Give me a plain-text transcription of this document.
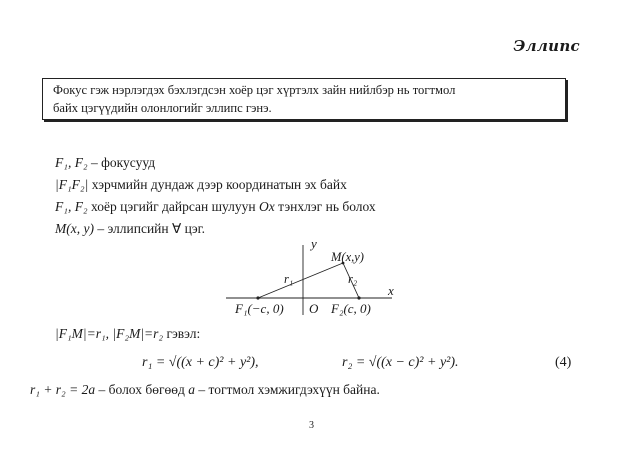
Эллипс
Фокус гэж нэрлэгдэх бэхлэгдсэн хоёр цэг хүртэлх зайн нийлбэр нь тогтмол
байх цэгүүдийн олонлогийг эллипс гэнэ.
F₁, F₂ – фокусууд
|F₁F₂| хэрчмийн дундаж дээр координатын эх байх
F₁, F₂ хоёр цэгийг дайрсан шулуун Ox тэнхлэг нь болох
M(x, y) – эллипсийн ∀ цэг.
y
x
M(x,y)
r₁	r₂
F₁(−c, 0) O F₂(c, 0)
|F₁M|=r₁, |F₂M|=r₂ гэвэл:
r₁ = √((x + c)² + y²),	r₂ = √((x − c)² + y²).	(4)
r₁ + r₂ = 2a – болох бөгөөд a – тогтмол хэмжигдэхүүн байна.
3
